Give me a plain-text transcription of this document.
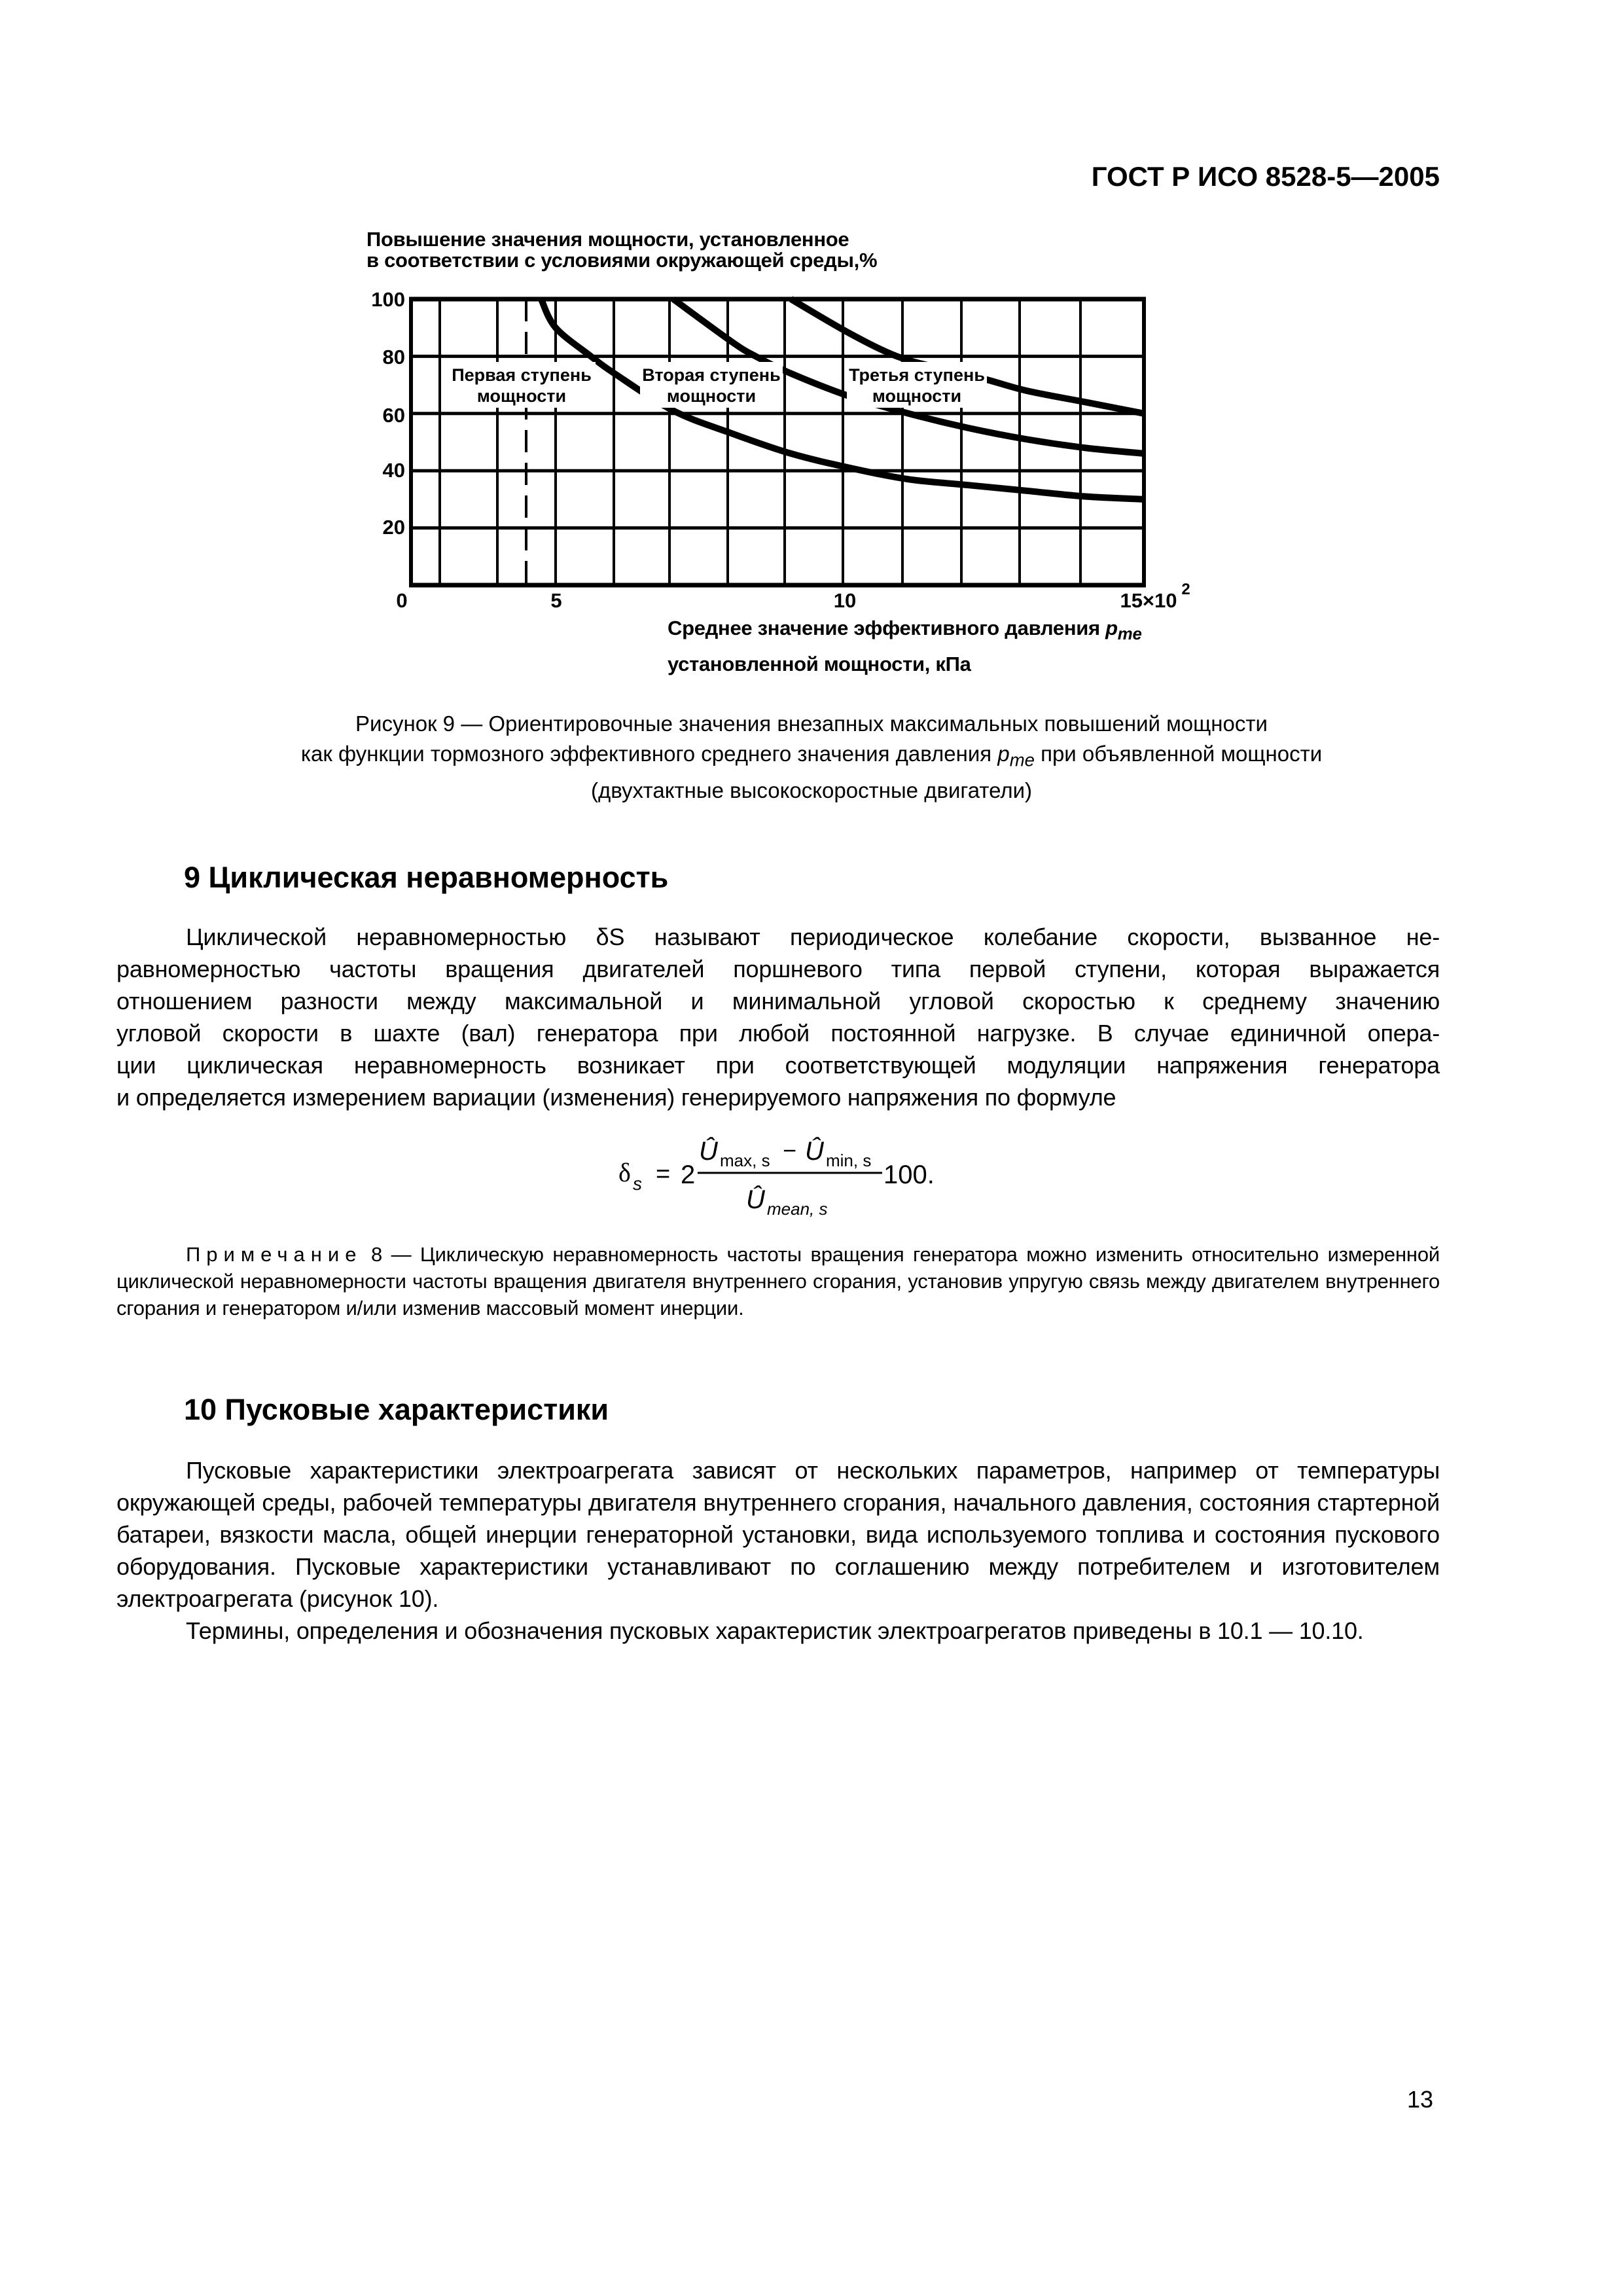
ГОСТ Р ИСО 8528-5—2005
Повышение значения мощности, установленное
в соответствии с условиями окружающей среды,%
100
80
60
40
20
0	5	10	15×10 2
Первая ступень
мощности
Вторая ступень
мощности
Третья ступень
мощности
Среднее значение эффективного давления $p_{me}$
установленной мощности, кПа
Рисунок 9 — Ориентировочные значения внезапных максимальных повышений мощности
как функции тормозного эффективного среднего значения давления $p_{me}$ при объявленной мощности
(двухтактные высокоскоростные двигатели)
9 Циклическая неравномерность
Циклической неравномерностью δS называют периодическое колебание скорости, вызванное не-
равномерностью частоты вращения двигателей поршневого типа первой ступени, которая выражается
отношением разности между максимальной и минимальной угловой скоростью к среднему значению
угловой скорости в шахте (вал) генератора при любой постоянной нагрузке. В случае единичной опера-
ции циклическая неравномерность возникает при соответствующей модуляции напряжения генератора
и определяется измерением вариации (изменения) генерируемого напряжения по формуле
δ s = 2
Û max, s − Û min, s
Û mean, s
100.
Примечание 8 — Циклическую неравномерность частоты вращения генератора можно изменить относительно измеренной циклической неравномерности частоты вращения двигателя внутреннего сгорания, установив упругую связь между двигателем внутреннего сгорания и генератором и/или изменив массовый момент инерции.
10 Пусковые характеристики
Пусковые характеристики электроагрегата зависят от нескольких параметров, например от температуры окружающей среды, рабочей температуры двигателя внутреннего сгорания, начального давления, состояния стартерной батареи, вязкости масла, общей инерции генераторной установки, вида используемого топлива и состояния пускового оборудования. Пусковые характеристики устанавливают по соглашению между потребителем и изготовителем электроагрегата (рисунок 10).
Термины, определения и обозначения пусковых характеристик электроагрегатов приведены в 10.1 — 10.10.
13
